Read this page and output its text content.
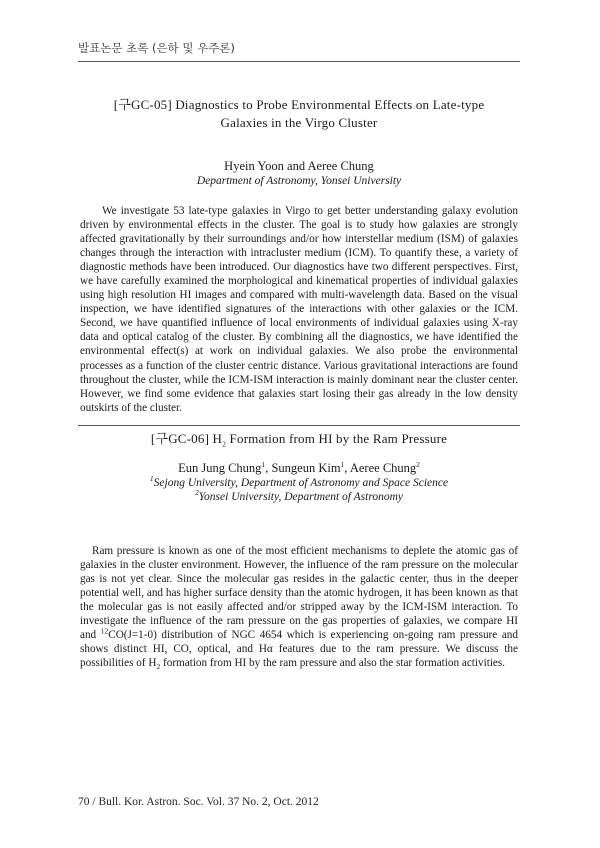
발표논문 초록 (은하 및 우주론)

[구GC-05] Diagnostics to Probe Environmental Effects on Late-type
Galaxies in the Virgo Cluster

Hyein Yoon and Aeree Chung
Department of Astronomy, Yonsei University

We investigate 53 late-type galaxies in Virgo to get better understanding galaxy evolution driven by environmental effects in the cluster. The goal is to study how galaxies are strongly affected gravitationally by their surroundings and/or how interstellar medium (ISM) of galaxies changes through the interaction with intracluster medium (ICM). To quantify these, a variety of diagnostic methods have been introduced. Our diagnostics have two different perspectives. First, we have carefully examined the morphological and kinematical properties of individual galaxies using high resolution HI images and compared with multi-wavelength data. Based on the visual inspection, we have identified signatures of the interactions with other galaxies or the ICM. Second, we have quantified influence of local environments of individual galaxies using X-ray data and optical catalog of the cluster. By combining all the diagnostics, we have identified the environmental effect(s) at work on individual galaxies. We also probe the environmental processes as a function of the cluster centric distance. Various gravitational interactions are found throughout the cluster, while the ICM-ISM interaction is mainly dominant near the cluster center. However, we find some evidence that galaxies start losing their gas already in the low density outskirts of the cluster.

[구GC-06] $H_2$ Formation from HI by the Ram Pressure

Eun Jung Chung$^1$, Sungeun Kim$^1$, Aeree Chung$^2$
$^1$Sejong University, Department of Astronomy and Space Science
$^2$Yonsei University, Department of Astronomy

Ram pressure is known as one of the most efficient mechanisms to deplete the atomic gas of galaxies in the cluster environment. However, the influence of the ram pressure on the molecular gas is not yet clear. Since the molecular gas resides in the galactic center, thus in the deeper potential well, and has higher surface density than the atomic hydrogen, it has been known as that the molecular gas is not easily affected and/or stripped away by the ICM-ISM interaction. To investigate the influence of the ram pressure on the gas properties of galaxies, we compare HI and $^{12}$CO(J=1-0) distribution of NGC 4654 which is experiencing on-going ram pressure and shows distinct HI, CO, optical, and Hα features due to the ram pressure. We discuss the possibilities of $H_2$ formation from HI by the ram pressure and also the star formation activities.

70 / Bull. Kor. Astron. Soc. Vol. 37 No. 2, Oct. 2012
